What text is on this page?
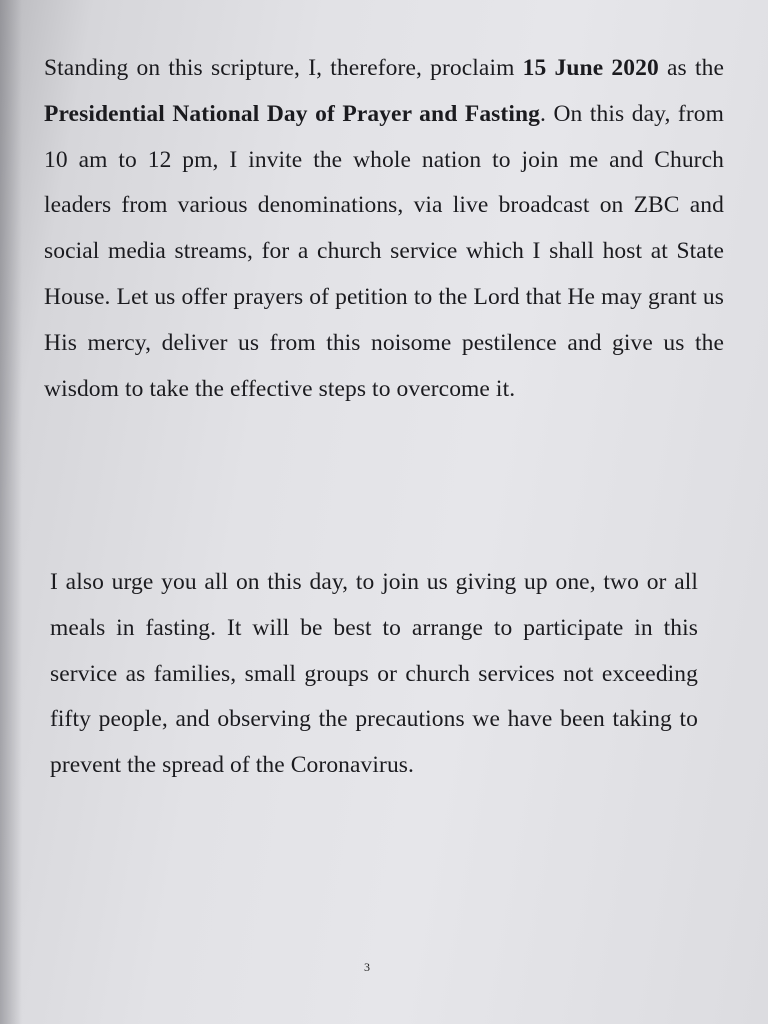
Standing on this scripture, I, therefore, proclaim 15 June 2020 as the Presidential National Day of Prayer and Fasting. On this day, from 10 am to 12 pm, I invite the whole nation to join me and Church leaders from various denominations, via live broadcast on ZBC and social media streams, for a church service which I shall host at State House. Let us offer prayers of petition to the Lord that He may grant us His mercy, deliver us from this noisome pestilence and give us the wisdom to take the effective steps to overcome it.

I also urge you all on this day, to join us giving up one, two or all meals in fasting. It will be best to arrange to participate in this service as families, small groups or church services not exceeding fifty people, and observing the precautions we have been taking to prevent the spread of the Coronavirus.

3
